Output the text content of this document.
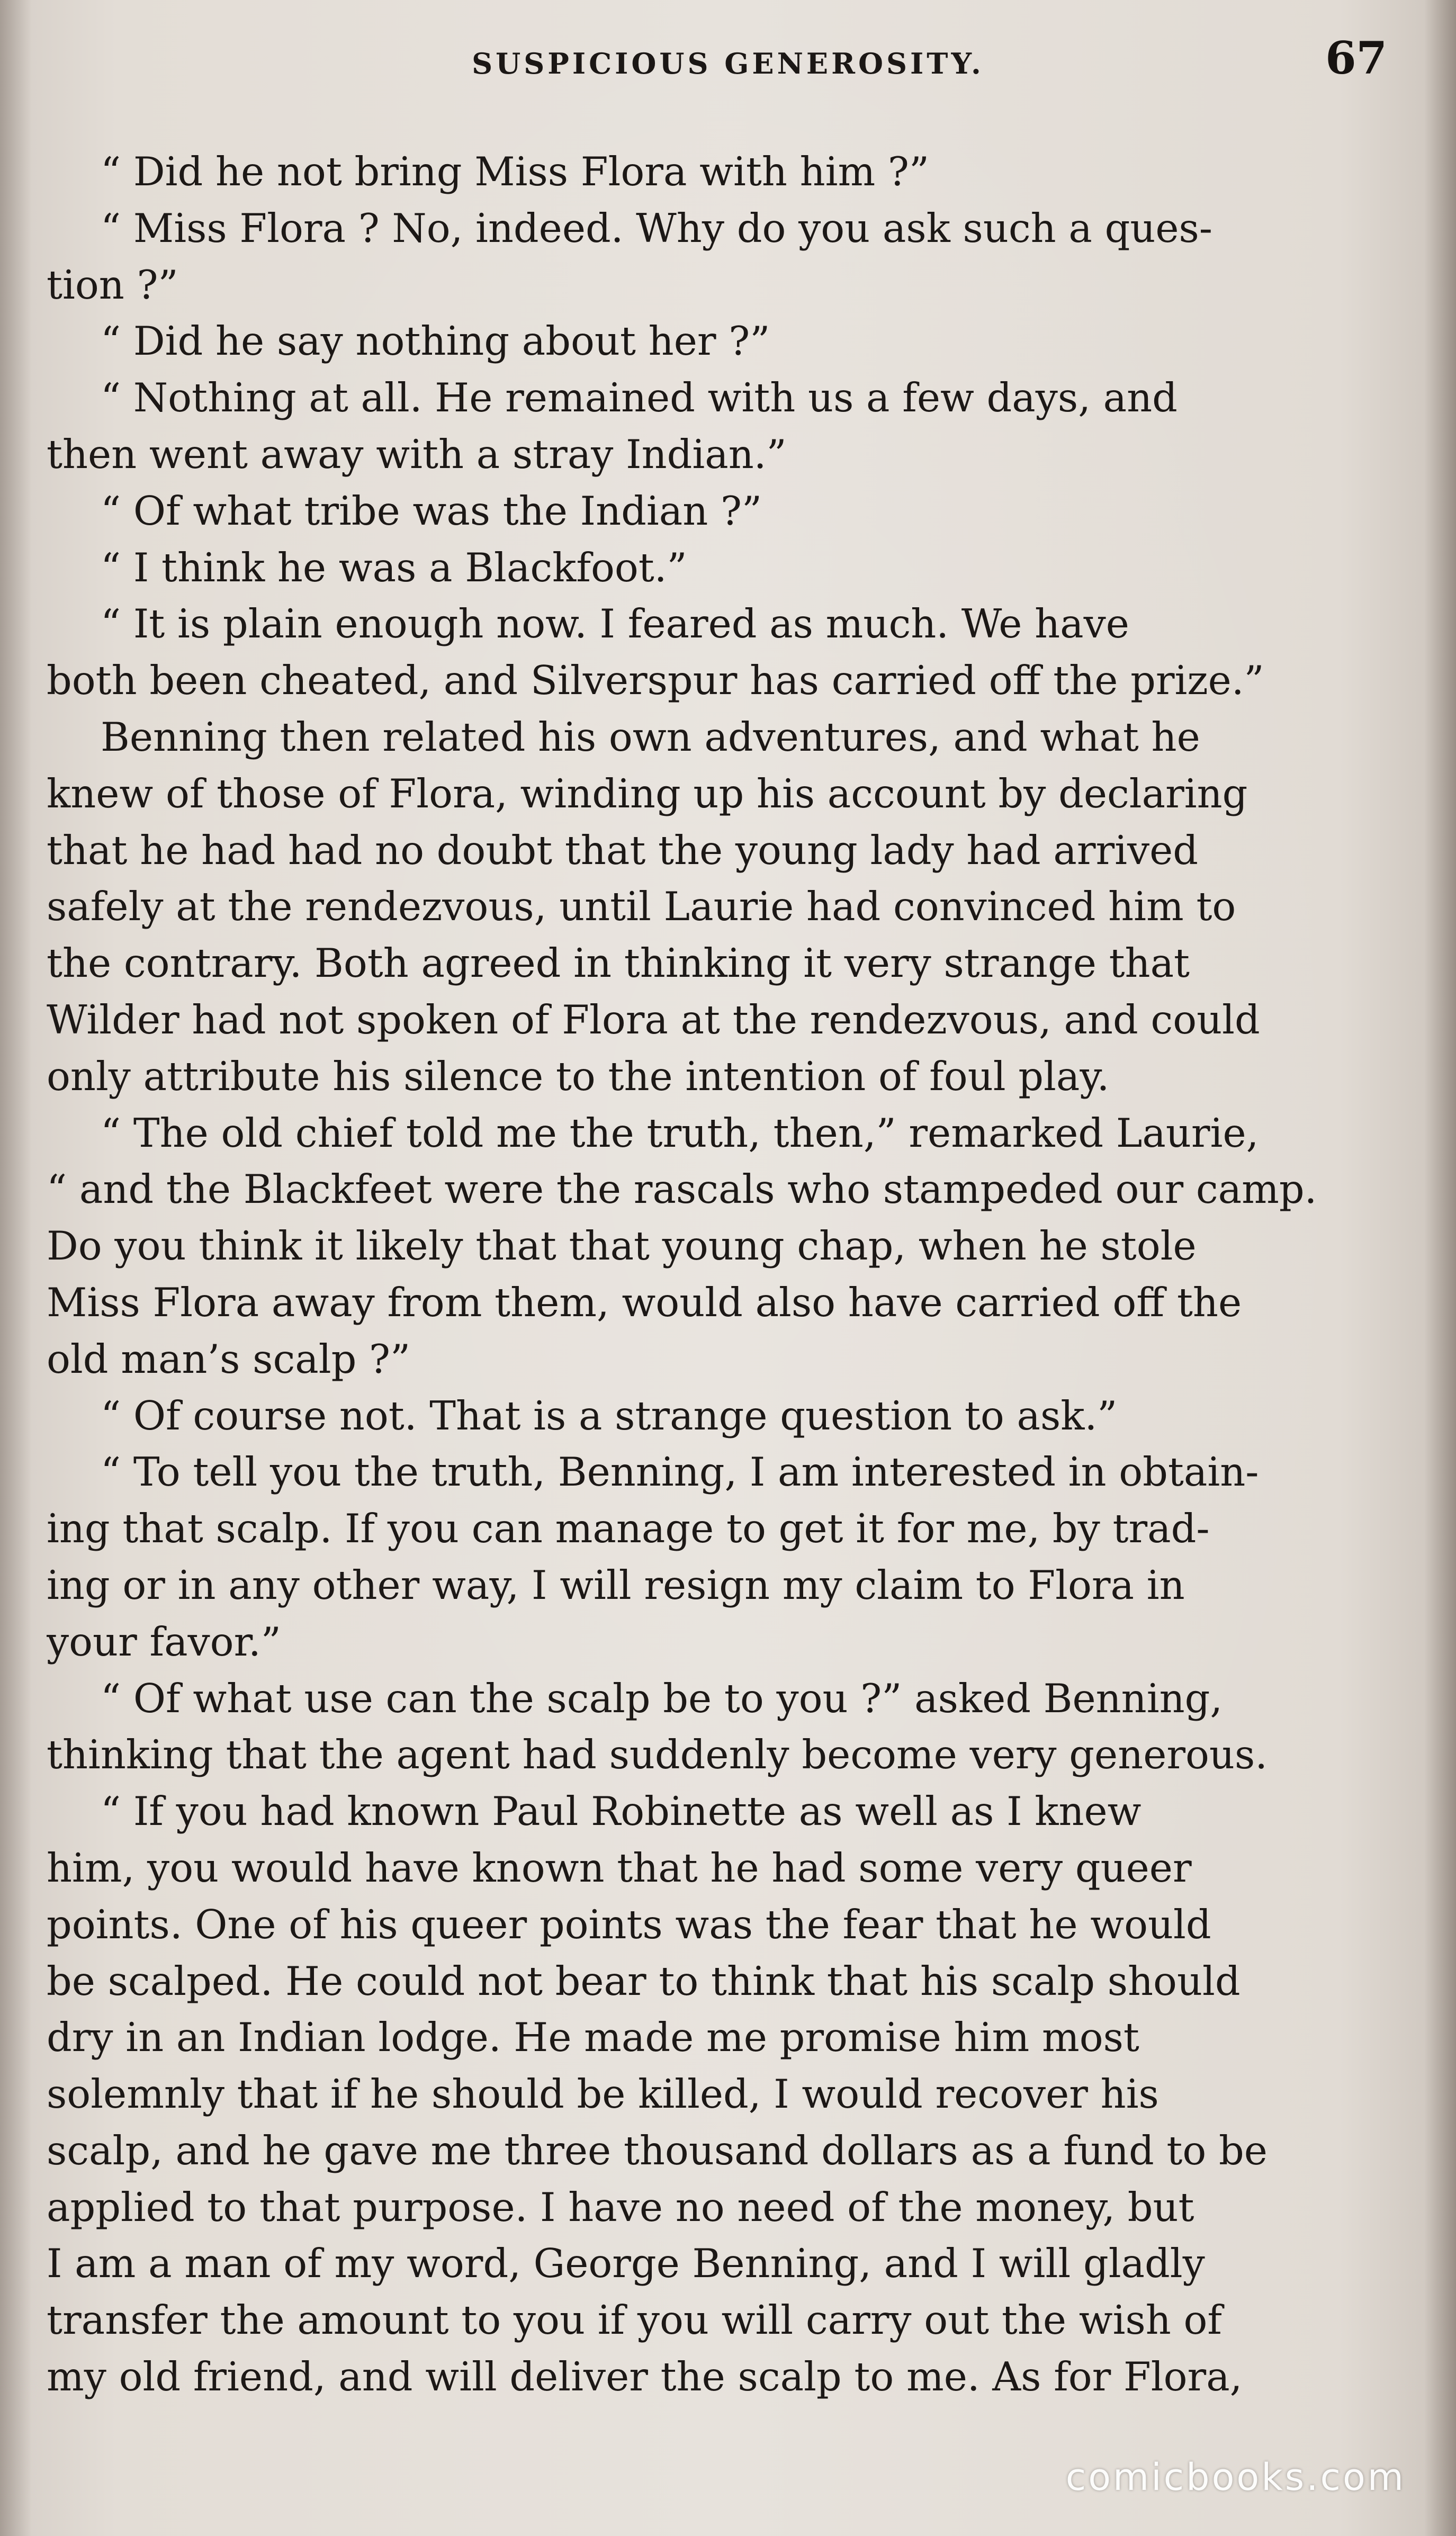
SUSPICIOUS GENEROSITY.	67
“ Did he not bring Miss Flora with him ?”
“ Miss Flora ? No, indeed. Why do you ask such a ques-
tion ?”
“ Did he say nothing about her ?”
“ Nothing at all. He remained with us a few days, and
then went away with a stray Indian.”
“ Of what tribe was the Indian ?”
“ I think he was a Blackfoot.”
“ It is plain enough now. I feared as much. We have
both been cheated, and Silverspur has carried off the prize.”
Benning then related his own adventures, and what he
knew of those of Flora, winding up his account by declaring
that he had had no doubt that the young lady had arrived
safely at the rendezvous, until Laurie had convinced him to
the contrary. Both agreed in thinking it very strange that
Wilder had not spoken of Flora at the rendezvous, and could
only attribute his silence to the intention of foul play.
“ The old chief told me the truth, then,” remarked Laurie,
“ and the Blackfeet were the rascals who stampeded our camp.
Do you think it likely that that young chap, when he stole
Miss Flora away from them, would also have carried off the
old man’s scalp ?”
“ Of course not. That is a strange question to ask.”
“ To tell you the truth, Benning, I am interested in obtain-
ing that scalp. If you can manage to get it for me, by trad-
ing or in any other way, I will resign my claim to Flora in
your favor.”
“ Of what use can the scalp be to you ?” asked Benning,
thinking that the agent had suddenly become very generous.
“ If you had known Paul Robinette as well as I knew
him, you would have known that he had some very queer
points. One of his queer points was the fear that he would
be scalped. He could not bear to think that his scalp should
dry in an Indian lodge. He made me promise him most
solemnly that if he should be killed, I would recover his
scalp, and he gave me three thousand dollars as a fund to be
applied to that purpose. I have no need of the money, but
I am a man of my word, George Benning, and I will gladly
transfer the amount to you if you will carry out the wish of
my old friend, and will deliver the scalp to me. As for Flora,
comicbooks.com
